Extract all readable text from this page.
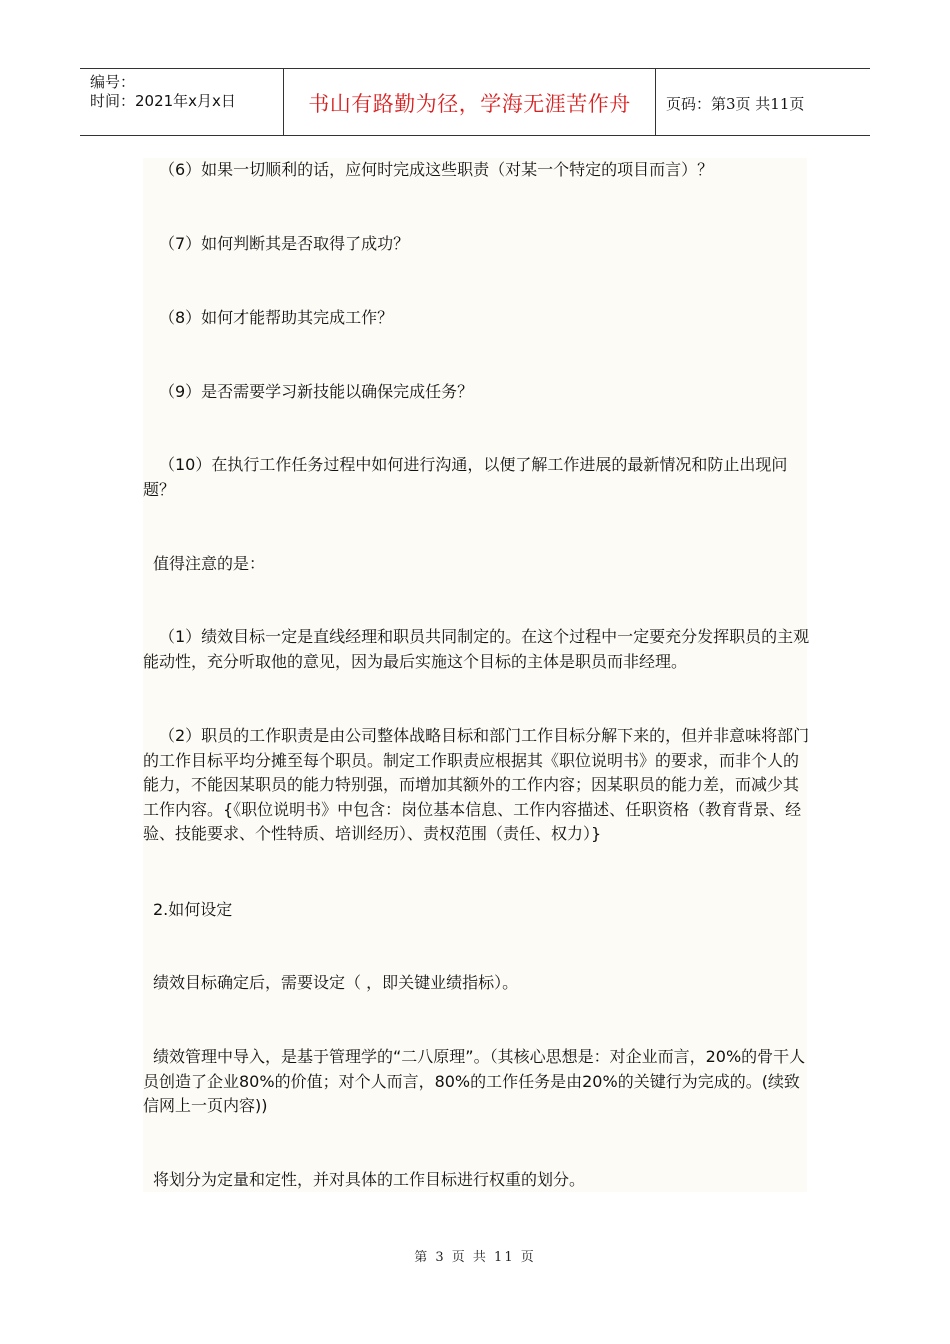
编号：
时间：2021年x月x日	书山有路勤为径，学海无涯苦作舟	页码：第3页 共11页

（6）如果一切顺利的话，应何时完成这些职责（对某一个特定的项目而言）？

（7）如何判断其是否取得了成功？

（8）如何才能帮助其完成工作？

（9）是否需要学习新技能以确保完成任务？

（10）在执行工作任务过程中如何进行沟通，以便了解工作进展的最新情况和防止出现问题？

值得注意的是：

（1）绩效目标一定是直线经理和职员共同制定的。在这个过程中一定要充分发挥职员的主观能动性，充分听取他的意见，因为最后实施这个目标的主体是职员而非经理。

（2）职员的工作职责是由公司整体战略目标和部门工作目标分解下来的，但并非意味将部门的工作目标平均分摊至每个职员。制定工作职责应根据其《职位说明书》的要求，而非个人的能力，不能因某职员的能力特别强，而增加其额外的工作内容；因某职员的能力差，而减少其工作内容。{《职位说明书》中包含：岗位基本信息、工作内容描述、任职资格（教育背景、经验、技能要求、个性特质、培训经历）、责权范围（责任、权力）}

2.如何设定

绩效目标确定后，需要设定（ ，即关键业绩指标）。

绩效管理中导入，是基于管理学的“二八原理”。（其核心思想是：对企业而言，20%的骨干人员创造了企业80%的价值；对个人而言，80%的工作任务是由20%的关键行为完成的。(续致信网上一页内容))

将划分为定量和定性，并对具体的工作目标进行权重的划分。

第 3 页 共 11 页
